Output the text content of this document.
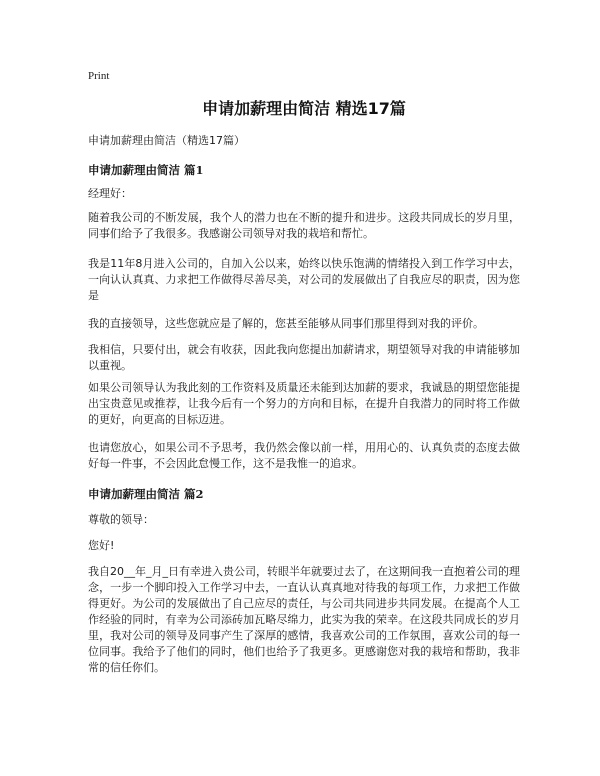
Print
申请加薪理由简洁 精选17篇

申请加薪理由简洁（精选17篇）

申请加薪理由简洁 篇1

经理好：

随着我公司的不断发展，我个人的潜力也在不断的提升和进步。这段共同成长的岁月里，同事们给予了我很多。我感谢公司领导对我的栽培和帮忙。

我是11年8月进入公司的，自加入公以来，始终以快乐饱满的情绪投入到工作学习中去，一向认认真真、力求把工作做得尽善尽美，对公司的发展做出了自我应尽的职责，因为您是

我的直接领导，这些您就应是了解的，您甚至能够从同事们那里得到对我的评价。

我相信，只要付出，就会有收获，因此我向您提出加薪请求，期望领导对我的申请能够加以重视。

如果公司领导认为我此刻的工作资料及质量还未能到达加薪的要求，我诚恳的期望您能提出宝贵意见或推荐，让我今后有一个努力的方向和目标，在提升自我潜力的同时将工作做的更好，向更高的目标迈进。

也请您放心，如果公司不予思考，我仍然会像以前一样，用用心的、认真负责的态度去做好每一件事，不会因此怠慢工作，这不是我惟一的追求。

申请加薪理由简洁 篇2

尊敬的领导：

您好!

我自20__年_月_日有幸进入贵公司，转眼半年就要过去了，在这期间我一直抱着公司的理念，一步一个脚印投入工作学习中去，一直认认真真地对待我的每项工作，力求把工作做得更好。为公司的发展做出了自己应尽的责任，与公司共同进步共同发展。在提高个人工作经验的同时，有幸为公司添砖加瓦略尽绵力，此实为我的荣幸。在这段共同成长的岁月里，我对公司的领导及同事产生了深厚的感情，我喜欢公司的工作氛围，喜欢公司的每一位同事。我给予了他们的同时，他们也给予了我更多。更感谢您对我的栽培和帮助，我非常的信任你们。
